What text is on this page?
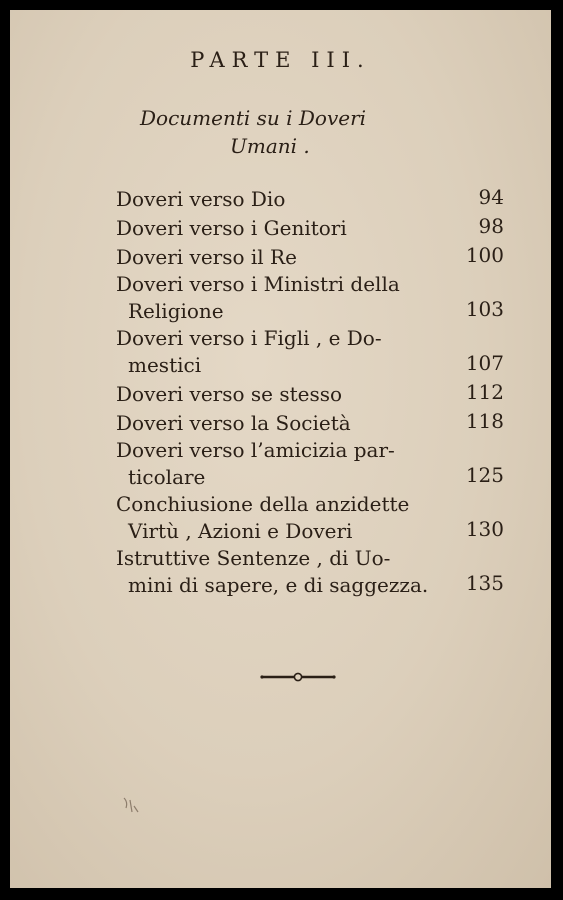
PARTE III.
Documenti su i Doveri
Umani .
Doveri verso Dio	94
Doveri verso i Genitori	98
Doveri verso il Re	100
Doveri verso i Ministri della
Religione	103
Doveri verso i Figli , e Do-
mestici	107
Doveri verso se stesso	112
Doveri verso la Società	118
Doveri verso l’amicizia par-
ticolare	125
Conchiusione della anzidette
Virtù , Azioni e Doveri	130
Istruttive Sentenze , di Uo-
mini di sapere, e di saggezza. 135
